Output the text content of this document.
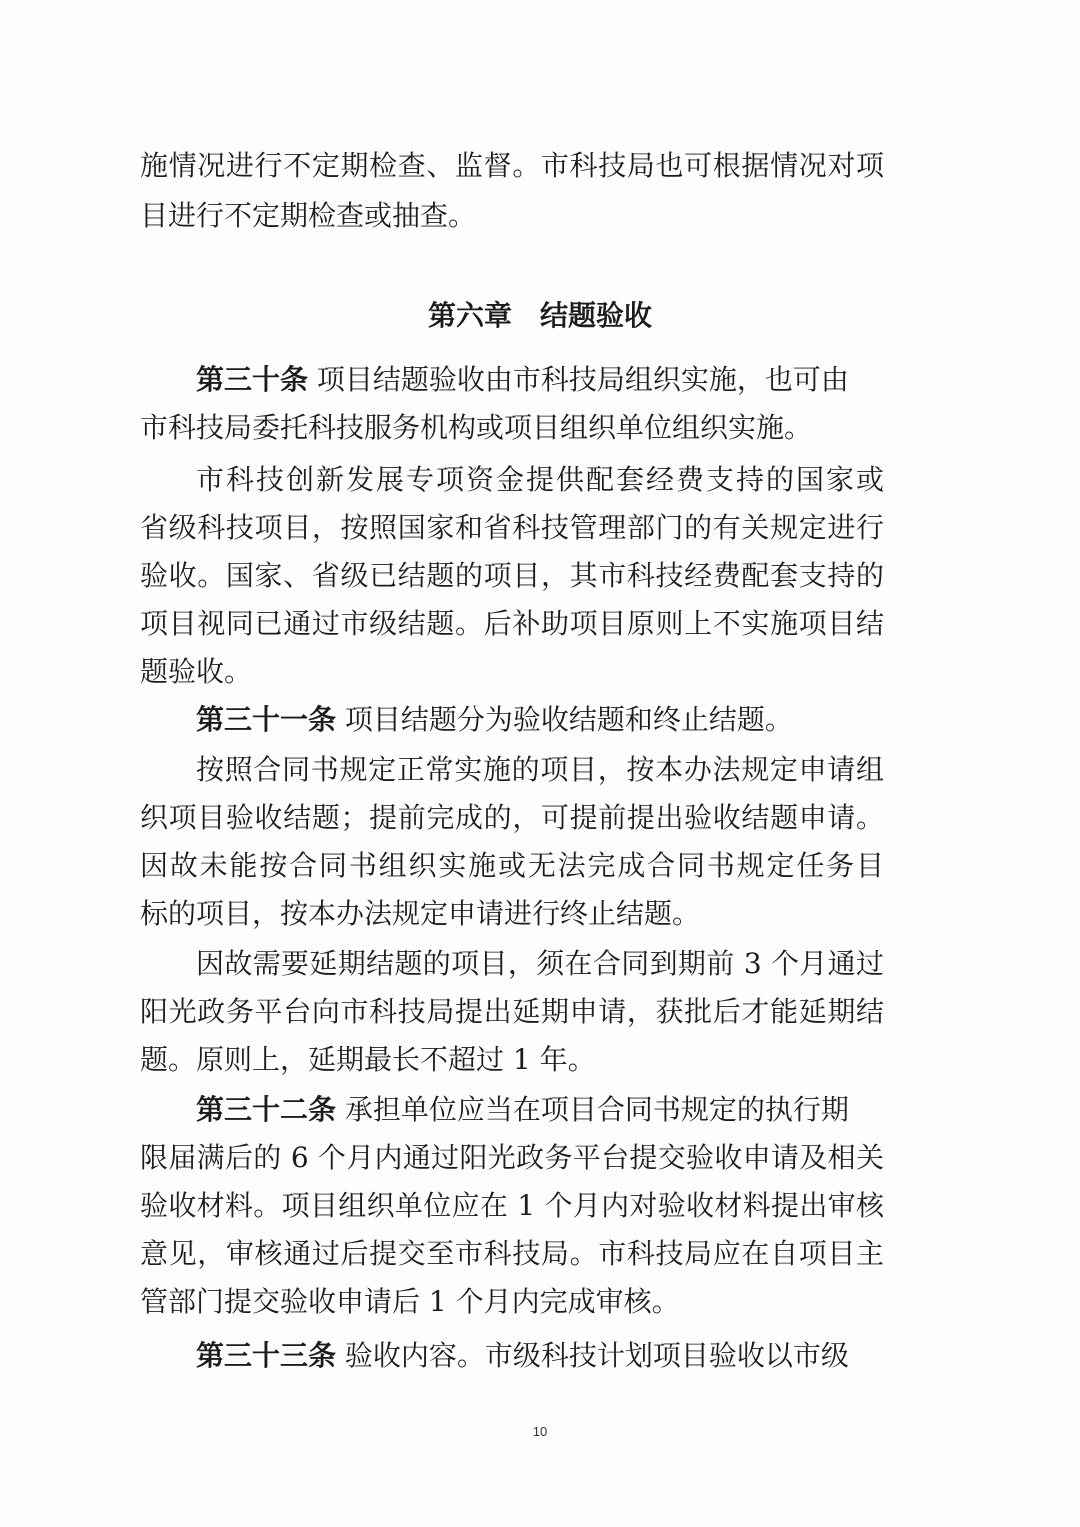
施情况进行不定期检查、监督。市科技局也可根据情况对项
目进行不定期检查或抽查。
第六章　结题验收
第三十条 项目结题验收由市科技局组织实施，也可由
市科技局委托科技服务机构或项目组织单位组织实施。
市科技创新发展专项资金提供配套经费支持的国家或
省级科技项目，按照国家和省科技管理部门的有关规定进行
验收。国家、省级已结题的项目，其市科技经费配套支持的
项目视同已通过市级结题。后补助项目原则上不实施项目结
题验收。
第三十一条 项目结题分为验收结题和终止结题。
按照合同书规定正常实施的项目，按本办法规定申请组
织项目验收结题；提前完成的，可提前提出验收结题申请。
因故未能按合同书组织实施或无法完成合同书规定任务目
标的项目，按本办法规定申请进行终止结题。
因故需要延期结题的项目，须在合同到期前 3 个月通过
阳光政务平台向市科技局提出延期申请，获批后才能延期结
题。原则上，延期最长不超过 1 年。
第三十二条 承担单位应当在项目合同书规定的执行期
限届满后的 6 个月内通过阳光政务平台提交验收申请及相关
验收材料。项目组织单位应在 1 个月内对验收材料提出审核
意见，审核通过后提交至市科技局。市科技局应在自项目主
管部门提交验收申请后 1 个月内完成审核。
第三十三条 验收内容。市级科技计划项目验收以市级
10
